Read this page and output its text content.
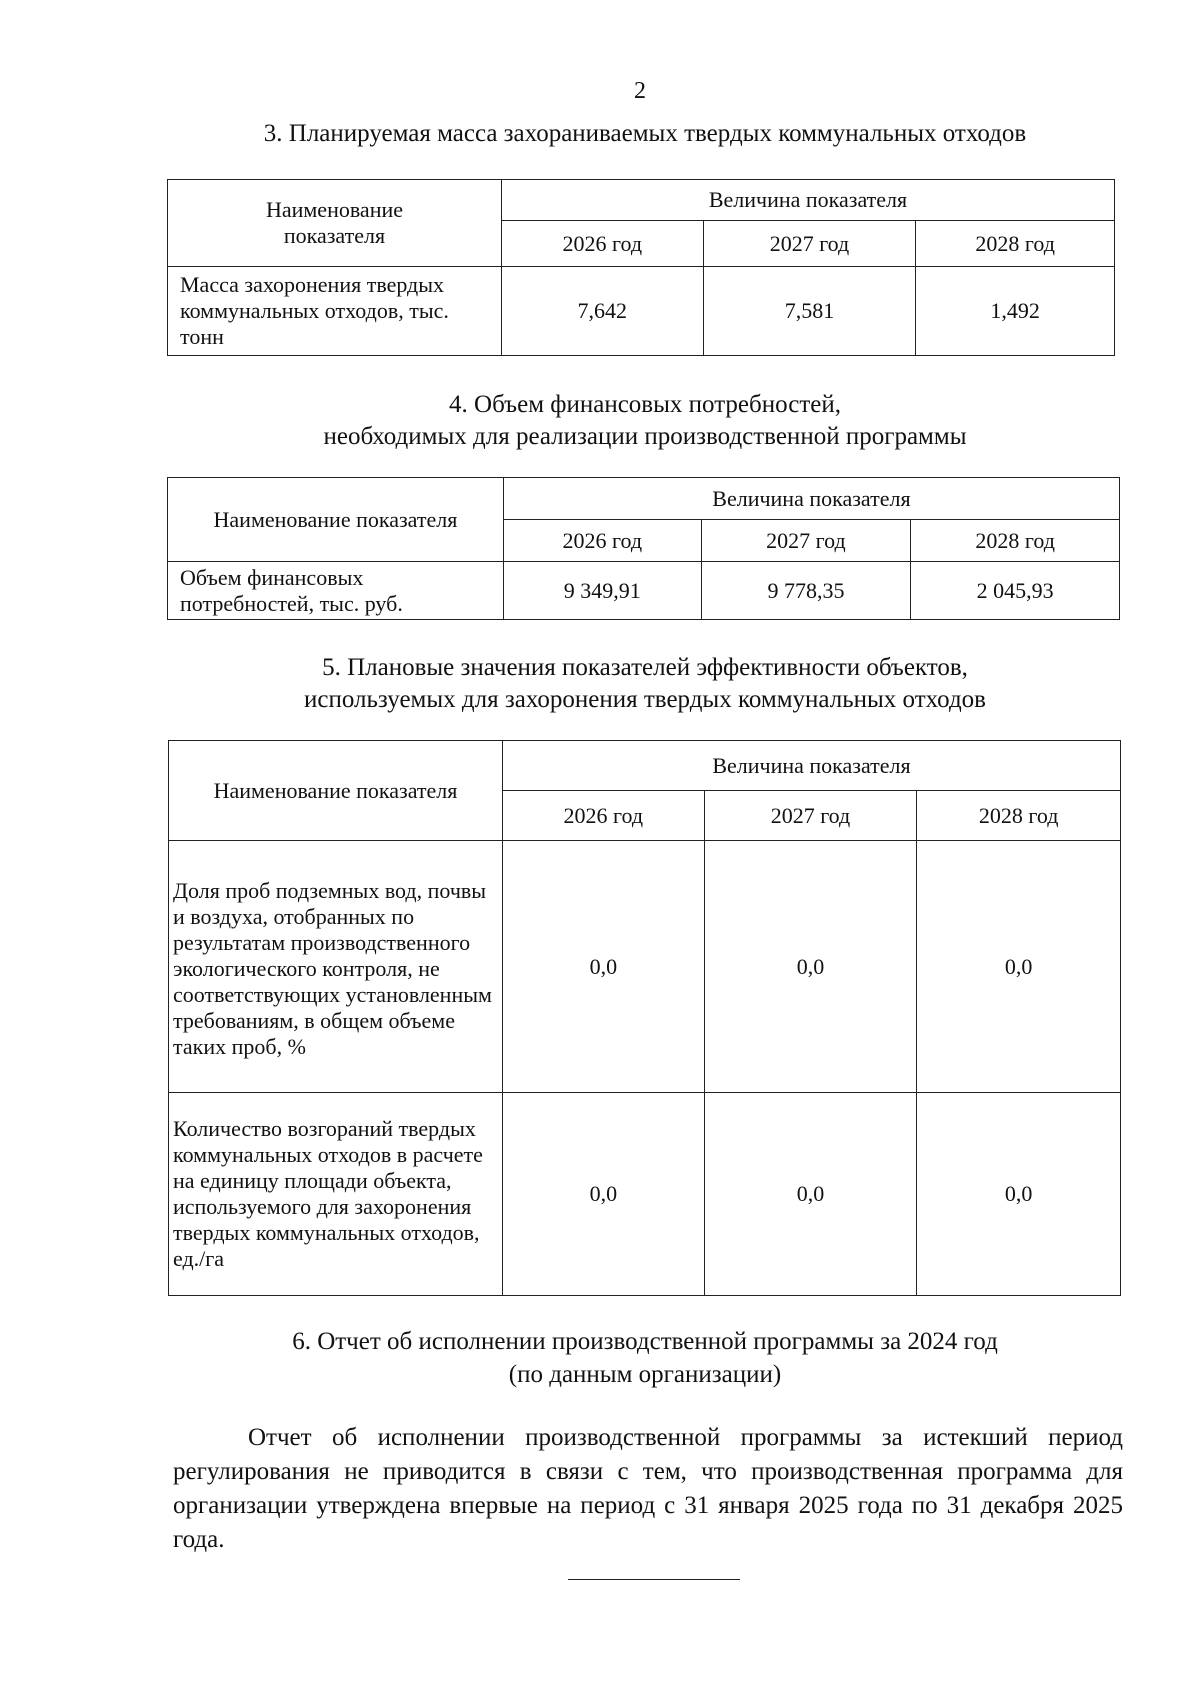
2
3. Планируемая масса захораниваемых твердых коммунальных отходов
Наименование показателя	Величина показателя		
	2026 год	2027 год	2028 год

Масса захоронения твердых коммунальных отходов, тыс. тонн	7,642	7,581	1,492
4. Объем финансовых потребностей,
необходимых для реализации производственной программы
Наименование показателя	Величина показателя		
	2026 год	2027 год	2028 год

Объем финансовых потребностей, тыс. руб.	9 349,91	9 778,35	2 045,93
5. Плановые значения показателей эффективности объектов,
используемых для захоронения твердых коммунальных отходов
Наименование показателя	Величина показателя		
	2026 год	2027 год	2028 год

Доля проб подземных вод, почвы и воздуха, отобранных по результатам производственного экологического контроля, не соответствующих установленным требованиям, в общем объеме таких проб, %	0,0	0,0	0,0

Количество возгораний твердых коммунальных отходов в расчете на единицу площади объекта, используемого для захоронения твердых коммунальных отходов, ед./га	0,0	0,0	0,0
6. Отчет об исполнении производственной программы за 2024 год
(по данным организации)
Отчет об исполнении производственной программы за истекший период регулирования не приводится в связи с тем, что производственная программа для организации утверждена впервые на период с 31 января 2025 года по 31 декабря 2025 года.
